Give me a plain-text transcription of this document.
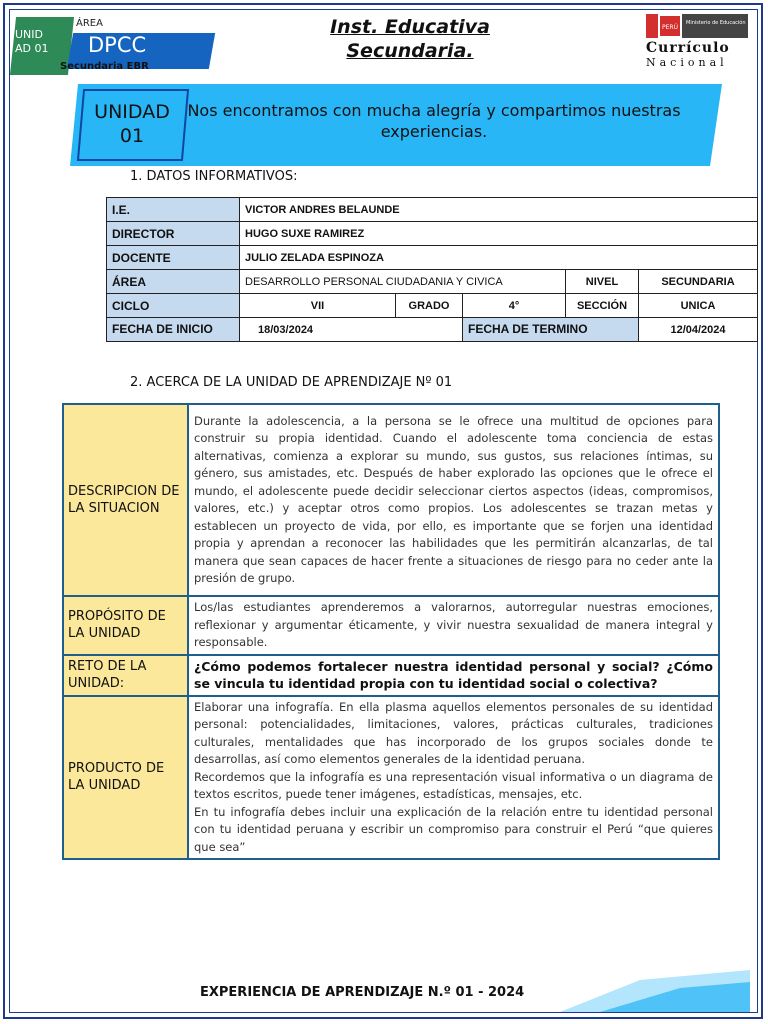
UNID
AD 01
ÁREA
DPCC
Secundaria EBR
Inst. Educativa Secundaria.
PERÚ
Ministerio de Educación
Currículo
Nacional
UNIDAD 01
Nos encontramos con mucha alegría y compartimos nuestras experiencias.
1. DATOS INFORMATIVOS:
I.E.	VICTOR ANDRES BELAUNDE				
DIRECTOR	HUGO SUXE RAMIREZ				
DOCENTE	JULIO ZELADA ESPINOZA				
ÁREA	DESARROLLO PERSONAL CIUDADANIA Y CIVICA			NIVEL	SECUNDARIA
CICLO	VII	GRADO	4°	SECCIÓN	UNICA
FECHA DE INICIO	18/03/2024		FECHA DE TERMINO		12/04/2024
2. ACERCA DE LA UNIDAD DE APRENDIZAJE Nº 01
DESCRIPCION DE LA SITUACION	Durante la adolescencia, a la persona se le ofrece una multitud de opciones para construir su propia identidad. Cuando el adolescente toma conciencia de estas alternativas, comienza a explorar su mundo, sus gustos, sus relaciones íntimas, su género, sus amistades, etc. Después de haber explorado las opciones que le ofrece el mundo, el adolescente puede decidir seleccionar ciertos aspectos (ideas, compromisos, valores, etc.) y aceptar otros como propios. Los adolescentes se trazan metas y establecen un proyecto de vida, por ello, es importante que se forjen una identidad propia y aprendan a reconocer las habilidades que les permitirán alcanzarlas, de tal manera que sean capaces de hacer frente a situaciones de riesgo para no ceder ante la presión de grupo.
PROPÓSITO DE LA UNIDAD	Los/las estudiantes aprenderemos a valorarnos, autorregular nuestras emociones, reflexionar y argumentar éticamente, y vivir nuestra sexualidad de manera integral y responsable.
RETO DE LA UNIDAD:	¿Cómo podemos fortalecer nuestra identidad personal y social? ¿Cómo se vincula tu identidad propia con tu identidad social o colectiva?
PRODUCTO DE LA UNIDAD	Elaborar una infografía. En ella plasma aquellos elementos personales de su identidad personal: potencialidades, limitaciones, valores, prácticas culturales, tradiciones culturales, mentalidades que has incorporado de los grupos sociales donde te desarrollas, así como elementos generales de la identidad peruana.
Recordemos que la infografía es una representación visual informativa o un diagrama de textos escritos, puede tener imágenes, estadísticas, mensajes, etc.
En tu infografía debes incluir una explicación de la relación entre tu identidad personal con tu identidad peruana y escribir un compromiso para construir el Perú “que quieres que sea”
EXPERIENCIA DE APRENDIZAJE N.º 01 - 2024
